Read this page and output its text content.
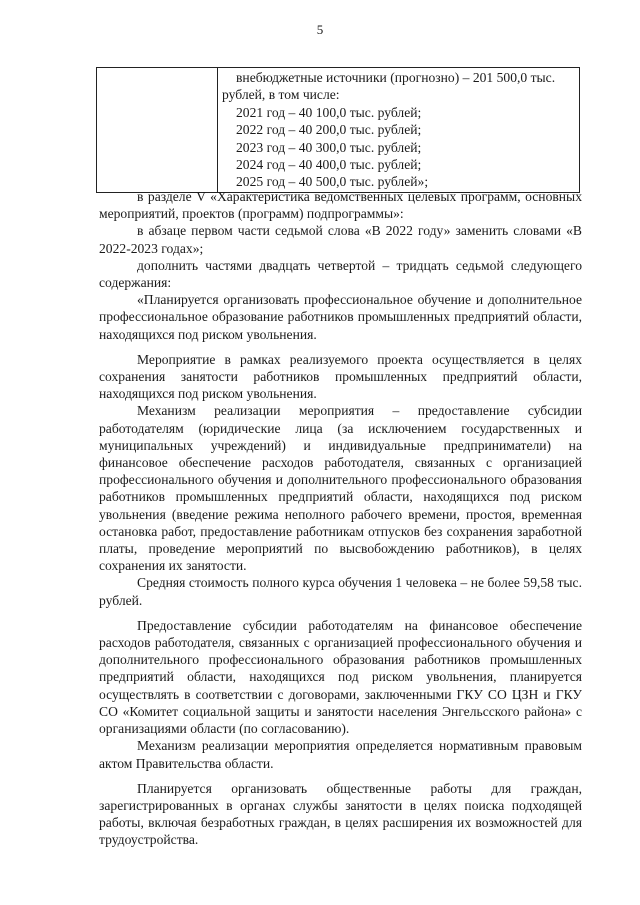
5

внебюджетные источники (прогнозно) – 201 500,0 тыс.
рублей, в том числе:
2021 год – 40 100,0 тыс. рублей;
2022 год – 40 200,0 тыс. рублей;
2023 год – 40 300,0 тыс. рублей;
2024 год – 40 400,0 тыс. рублей;
2025 год – 40 500,0 тыс. рублей»;

в разделе V «Характеристика ведомственных целевых программ, основных мероприятий, проектов (программ) подпрограммы»:

в абзаце первом части седьмой слова «В 2022 году» заменить словами «В 2022-2023 годах»;

дополнить частями двадцать четвертой – тридцать седьмой следующего содержания:

«Планируется организовать профессиональное обучение и дополнительное профессиональное образование работников промышленных предприятий области, находящихся под риском увольнения.

Мероприятие в рамках реализуемого проекта осуществляется в целях сохранения занятости работников промышленных предприятий области, находящихся под риском увольнения.

Механизм реализации мероприятия – предоставление субсидии работодателям (юридические лица (за исключением государственных и муниципальных учреждений) и индивидуальные предприниматели) на финансовое обеспечение расходов работодателя, связанных с организацией профессионального обучения и дополнительного профессионального образования работников промышленных предприятий области, находящихся под риском увольнения (введение режима неполного рабочего времени, простоя, временная остановка работ, предоставление работникам отпусков без сохранения заработной платы, проведение мероприятий по высвобождению работников), в целях сохранения их занятости.

Средняя стоимость полного курса обучения 1 человека – не более 59,58 тыс. рублей.

Предоставление субсидии работодателям на финансовое обеспечение расходов работодателя, связанных с организацией профессионального обучения и дополнительного профессионального образования работников промышленных предприятий области, находящихся под риском увольнения, планируется осуществлять в соответствии с договорами, заключенными ГКУ СО ЦЗН и ГКУ СО «Комитет социальной защиты и занятости населения Энгельсского района» с организациями области (по согласованию).

Механизм реализации мероприятия определяется нормативным правовым актом Правительства области.

Планируется организовать общественные работы для граждан, зарегистрированных в органах службы занятости в целях поиска подходящей работы, включая безработных граждан, в целях расширения их возможностей для трудоустройства.
